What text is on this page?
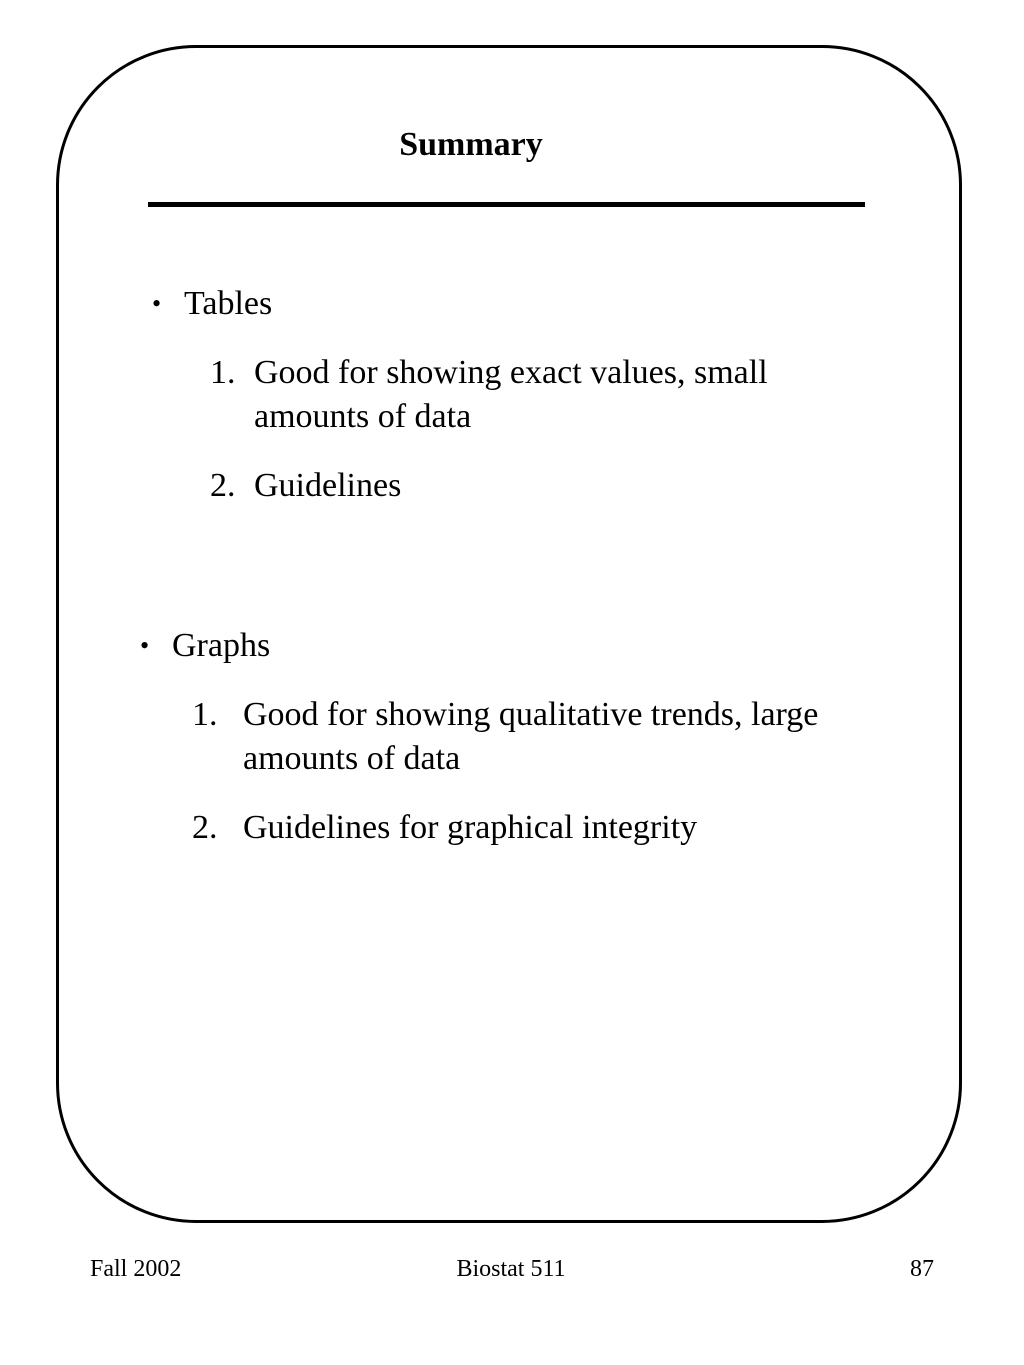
Summary
• Tables
1. Good for showing exact values, small amounts of data
2. Guidelines
• Graphs
1. Good for showing qualitative trends, large amounts of data
2. Guidelines for graphical integrity
Fall 2002	Biostat 511	87
